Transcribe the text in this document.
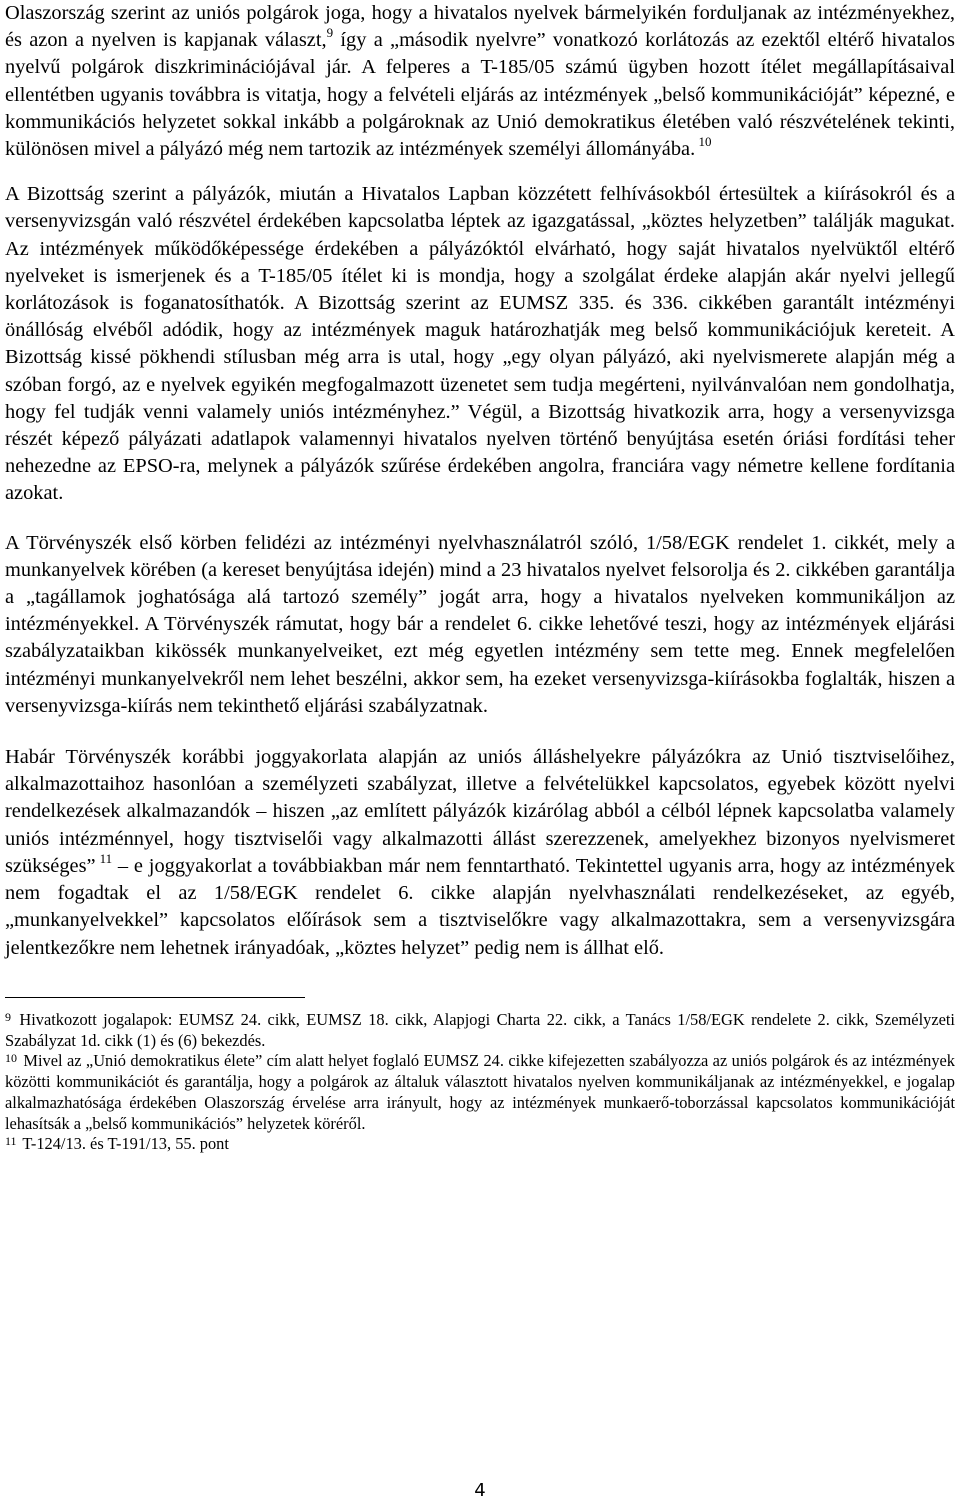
Olaszország szerint az uniós polgárok joga, hogy a hivatalos nyelvek bármelyikén forduljanak az intézményekhez, és azon a nyelven is kapjanak választ,$^9$ így a „második nyelvre” vonatkozó korlátozás az ezektől eltérő hivatalos nyelvű polgárok diszkriminációjával jár. A felperes a T-185/05 számú ügyben hozott ítélet megállapításaival ellentétben ugyanis továbbra is vitatja, hogy a felvételi eljárás az intézmények „belső kommunikációját” képezné, e kommunikációs helyzetet sokkal inkább a polgároknak az Unió demokratikus életében való részvételének tekinti, különösen mivel a pályázó még nem tartozik az intézmények személyi állományába. $^{10}$

A Bizottság szerint a pályázók, miután a Hivatalos Lapban közzétett felhívásokból értesültek a kiírásokról és a versenyvizsgán való részvétel érdekében kapcsolatba léptek az igazgatással, „köztes helyzetben” találják magukat. Az intézmények működőképessége érdekében a pályázóktól elvárható, hogy saját hivatalos nyelvüktől eltérő nyelveket is ismerjenek és a T-185/05 ítélet ki is mondja, hogy a szolgálat érdeke alapján akár nyelvi jellegű korlátozások is foganatosíthatók. A Bizottság szerint az EUMSZ 335. és 336. cikkében garantált intézményi önállóság elvéből adódik, hogy az intézmények maguk határozhatják meg belső kommunikációjuk kereteit. A Bizottság kissé pökhendi stílusban még arra is utal, hogy „egy olyan pályázó, aki nyelvismerete alapján még a szóban forgó, az e nyelvek egyikén megfogalmazott üzenetet sem tudja megérteni, nyilvánvalóan nem gondolhatja, hogy fel tudják venni valamely uniós intézményhez.” Végül, a Bizottság hivatkozik arra, hogy a versenyvizsga részét képező pályázati adatlapok valamennyi hivatalos nyelven történő benyújtása esetén óriási fordítási teher nehezedne az EPSO-ra, melynek a pályázók szűrése érdekében angolra, franciára vagy németre kellene fordítania azokat.

A Törvényszék első körben felidézi az intézményi nyelvhasználatról szóló, 1/58/EGK rendelet 1. cikkét, mely a munkanyelvek körében (a kereset benyújtása idején) mind a 23 hivatalos nyelvet felsorolja és 2. cikkében garantálja a „tagállamok joghatósága alá tartozó személy” jogát arra, hogy a hivatalos nyelveken kommunikáljon az intézményekkel. A Törvényszék rámutat, hogy bár a rendelet 6. cikke lehetővé teszi, hogy az intézmények eljárási szabályzataikban kikössék munkanyelveiket, ezt még egyetlen intézmény sem tette meg. Ennek megfelelően intézményi munkanyelvekről nem lehet beszélni, akkor sem, ha ezeket versenyvizsga-kiírásokba foglalták, hiszen a versenyvizsga-kiírás nem tekinthető eljárási szabályzatnak.

Habár Törvényszék korábbi joggyakorlata alapján az uniós álláshelyekre pályázókra az Unió tisztviselőihez, alkalmazottaihoz hasonlóan a személyzeti szabályzat, illetve a felvételükkel kapcsolatos, egyebek között nyelvi rendelkezések alkalmazandók – hiszen „az említett pályázók kizárólag abból a célból lépnek kapcsolatba valamely uniós intézménnyel, hogy tisztviselői vagy alkalmazotti állást szerezzenek, amelyekhez bizonyos nyelvismeret szükséges” $^{11}$ – e joggyakorlat a továbbiakban már nem fenntartható. Tekintettel ugyanis arra, hogy az intézmények nem fogadtak el az 1/58/EGK rendelet 6. cikke alapján nyelvhasználati rendelkezéseket, az egyéb, „munkanyelvekkel” kapcsolatos előírások sem a tisztviselőkre vagy alkalmazottakra, sem a versenyvizsgára jelentkezőkre nem lehetnek irányadóak, „köztes helyzet” pedig nem is állhat elő.

$^9$ Hivatkozott jogalapok: EUMSZ 24. cikk, EUMSZ 18. cikk, Alapjogi Charta 22. cikk, a Tanács 1/58/EGK rendelete 2. cikk, Személyzeti Szabályzat 1d. cikk (1) és (6) bekezdés.

$^{10}$ Mivel az „Unió demokratikus élete” cím alatt helyet foglaló EUMSZ 24. cikke kifejezetten szabályozza az uniós polgárok és az intézmények közötti kommunikációt és garantálja, hogy a polgárok az általuk választott hivatalos nyelven kommunikáljanak az intézményekkel, e jogalap alkalmazhatósága érdekében Olaszország érvelése arra irányult, hogy az intézmények munkaerő-toborzással kapcsolatos kommunikációját lehasítsák a „belső kommunikációs” helyzetek köréről.

$^{11}$ T-124/13. és T-191/13, 55. pont

4
